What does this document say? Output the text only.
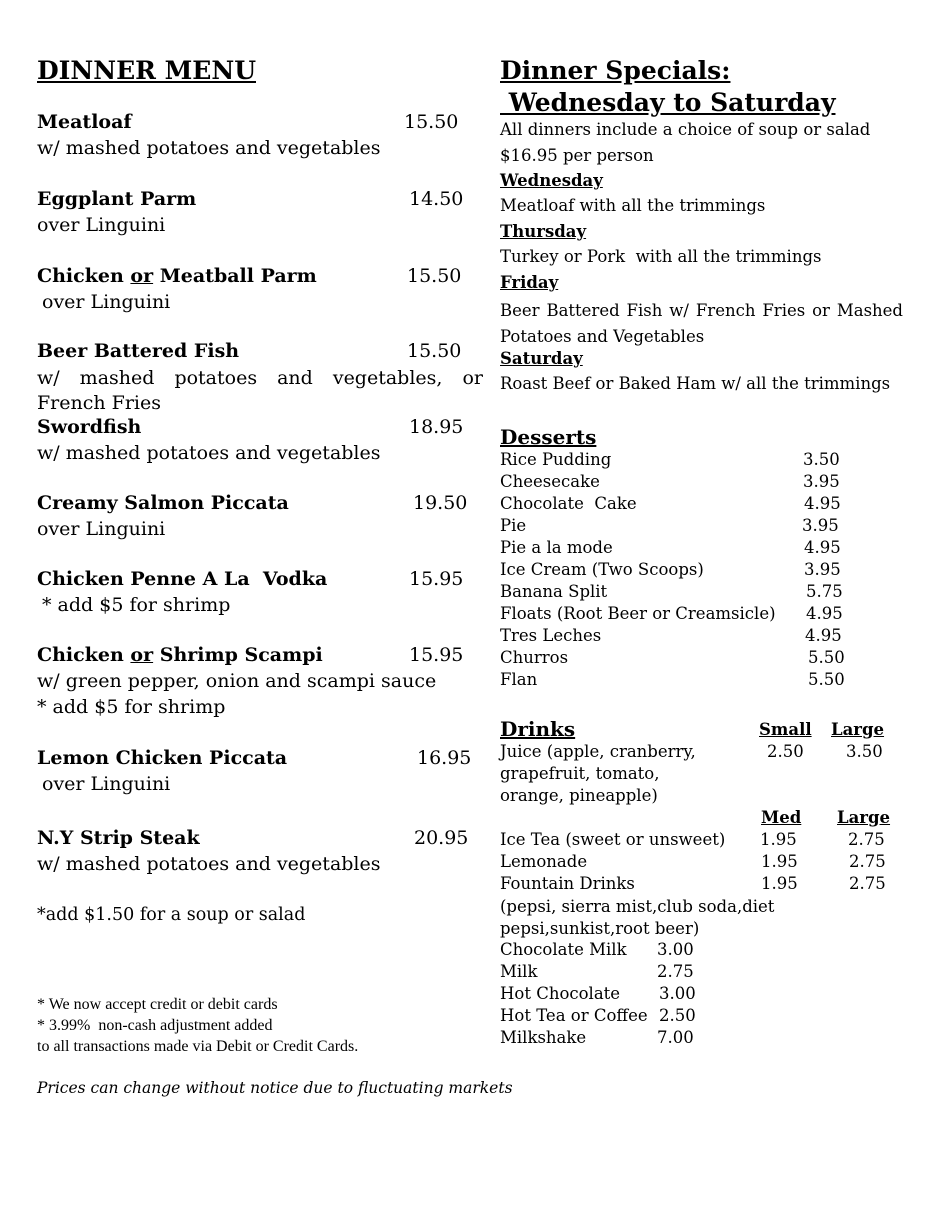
DINNER MENU
Meatloaf	15.50
w/ mashed potatoes and vegetables
Eggplant Parm	14.50
over Linguini
Chicken or Meatball Parm	15.50
over Linguini
Beer Battered Fish	15.50
w/ mashed potatoes and vegetables, or French Fries
Swordfish	18.95
w/ mashed potatoes and vegetables
Creamy Salmon Piccata	19.50
over Linguini
Chicken Penne A La  Vodka	15.95
* add $5 for shrimp
Chicken or Shrimp Scampi	15.95
w/ green pepper, onion and scampi sauce
* add $5 for shrimp
Lemon Chicken Piccata	16.95
over Linguini
N.Y Strip Steak	20.95
w/ mashed potatoes and vegetables
*add $1.50 for a soup or salad
* We now accept credit or debit cards
* 3.99%  non-cash adjustment added
to all transactions made via Debit or Credit Cards.
Prices can change without notice due to fluctuating markets
Dinner Specials:
Wednesday to Saturday
All dinners include a choice of soup or salad
$16.95 per person
Wednesday
Meatloaf with all the trimmings
Thursday
Turkey or Pork  with all the trimmings
Friday
Beer Battered Fish w/ French Fries or Mashed Potatoes and Vegetables
Saturday
Roast Beef or Baked Ham w/ all the trimmings
Desserts
Rice Pudding	3.50
Cheesecake	3.95
Chocolate  Cake	4.95
Pie	3.95
Pie a la mode	4.95
Ice Cream (Two Scoops)	3.95
Banana Split	5.75
Floats (Root Beer or Creamsicle) 4.95
Tres Leches	4.95
Churros	5.50
Flan	5.50
Drinks	Small Large
Juice (apple, cranberry,	2.50	3.50
grapefruit, tomato,
orange, pineapple)
Med Large
Ice Tea (sweet or unsweet) 1.95	2.75
Lemonade	1.95	2.75
Fountain Drinks	1.95	2.75
(pepsi, sierra mist,club soda,diet pepsi,sunkist,root beer)
Chocolate Milk 3.00
Milk	2.75
Hot Chocolate 3.00
Hot Tea or Coffee 2.50
Milkshake	7.00
